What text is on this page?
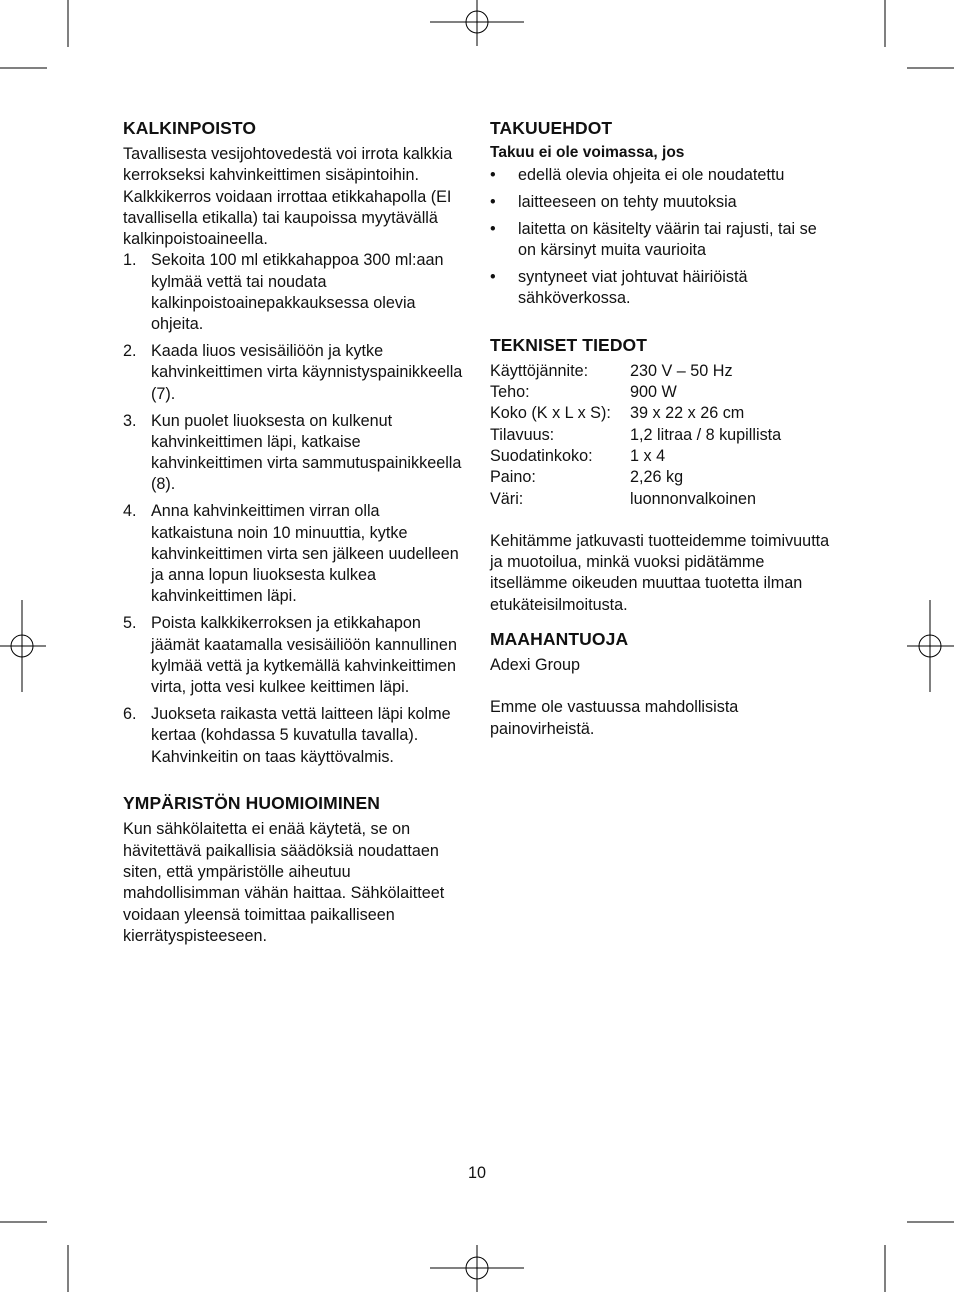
KALKINPOISTO

Tavallisesta vesijohtovedestä voi irrota kalkkia kerrokseksi kahvinkeittimen sisäpintoihin. Kalkkikerros voidaan irrottaa etikkahapolla (EI tavallisella etikalla) tai kaupoissa myytävällä kalkinpoistoaineella.

1. Sekoita 100 ml etikkahappoa 300 ml:aan kylmää vettä tai noudata kalkinpoistoainepakkauksessa olevia ohjeita.
2. Kaada liuos vesisäiliöön ja kytke kahvinkeittimen virta käynnistyspainikkeella (7).
3. Kun puolet liuoksesta on kulkenut kahvinkeittimen läpi, katkaise kahvinkeittimen virta sammutuspainikkeella (8).
4. Anna kahvinkeittimen virran olla katkaistuna noin 10 minuuttia, kytke kahvinkeittimen virta sen jälkeen uudelleen ja anna lopun liuoksesta kulkea kahvinkeittimen läpi.
5. Poista kalkkikerroksen ja etikkahapon jäämät kaatamalla vesisäiliöön kannullinen kylmää vettä ja kytkemällä kahvinkeittimen virta, jotta vesi kulkee keittimen läpi.
6. Juokseta raikasta vettä laitteen läpi kolme kertaa (kohdassa 5 kuvatulla tavalla). Kahvinkeitin on taas käyttövalmis.
YMPÄRISTÖN HUOMIOIMINEN

Kun sähkölaitetta ei enää käytetä, se on hävitettävä paikallisia säädöksiä noudattaen siten, että ympäristölle aiheutuu mahdollisimman vähän haittaa. Sähkölaitteet voidaan yleensä toimittaa paikalliseen kierrätyspisteeseen.

TAKUUEHDOT
Takuu ei ole voimassa, jos
• edellä olevia ohjeita ei ole noudatettu
• laitteeseen on tehty muutoksia
• laitetta on käsitelty väärin tai rajusti, tai se on kärsinyt muita vaurioita
• syntyneet viat johtuvat häiriöistä sähköverkossa.
TEKNISET TIEDOT
Käyttöjännite:	230 V – 50 Hz
Teho:	900 W
Koko (K x L x S):	39 x 22 x 26 cm
Tilavuus:	1,2 litraa / 8 kupillista
Suodatinkoko:	1 x 4
Paino:	2,26 kg
Väri:	luonnonvalkoinen

Kehitämme jatkuvasti tuotteidemme toimivuutta ja muotoilua, minkä vuoksi pidätämme itsellämme oikeuden muuttaa tuotetta ilman etukäteisilmoitusta.

MAAHANTUOJA

Adexi Group

Emme ole vastuussa mahdollisista painovirheistä.

10
